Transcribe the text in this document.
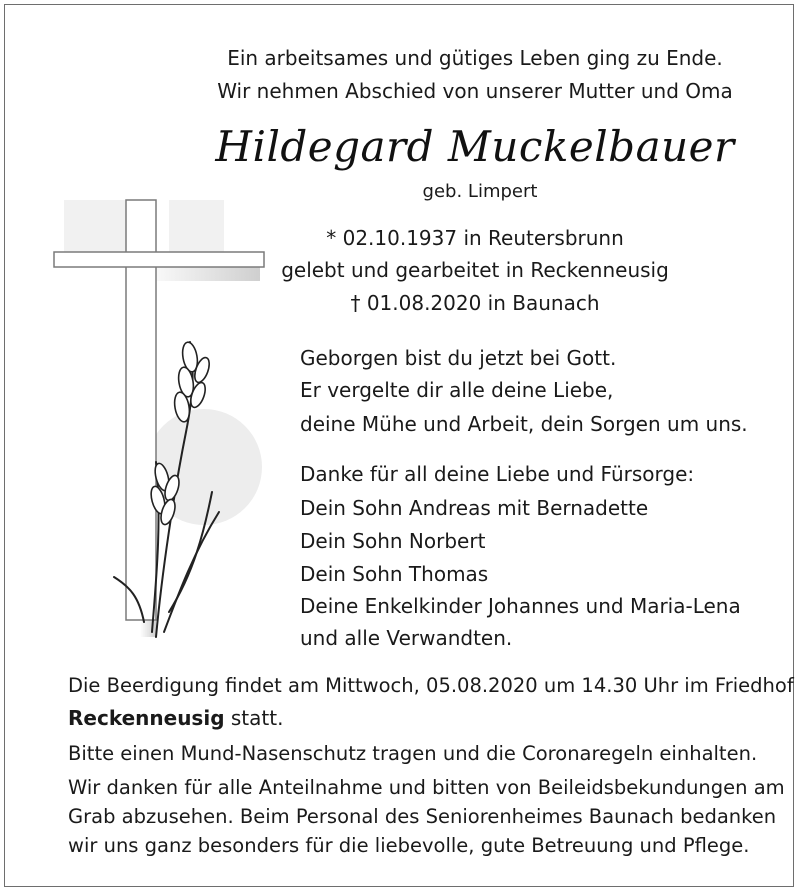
Ein arbeitsames und gütiges Leben ging zu Ende.
Wir nehmen Abschied von unserer Mutter und Oma
Hildegard Muckelbauer
geb. Limpert
* 02.10.1937 in Reutersbrunn
gelebt und gearbeitet in Reckenneusig
† 01.08.2020 in Baunach
Geborgen bist du jetzt bei Gott.
Er vergelte dir alle deine Liebe,
deine Mühe und Arbeit, dein Sorgen um uns.
Danke für all deine Liebe und Fürsorge:
Dein Sohn Andreas mit Bernadette
Dein Sohn Norbert
Dein Sohn Thomas
Deine Enkelkinder Johannes und Maria-Lena
und alle Verwandten.
Die Beerdigung findet am Mittwoch, 05.08.2020 um 14.30 Uhr im Friedhof
Reckenneusig statt.
Bitte einen Mund-Nasenschutz tragen und die Coronaregeln einhalten.
Wir danken für alle Anteilnahme und bitten von Beileidsbekundungen am
Grab abzusehen. Beim Personal des Seniorenheimes Baunach bedanken
wir uns ganz besonders für die liebevolle, gute Betreuung und Pflege.
